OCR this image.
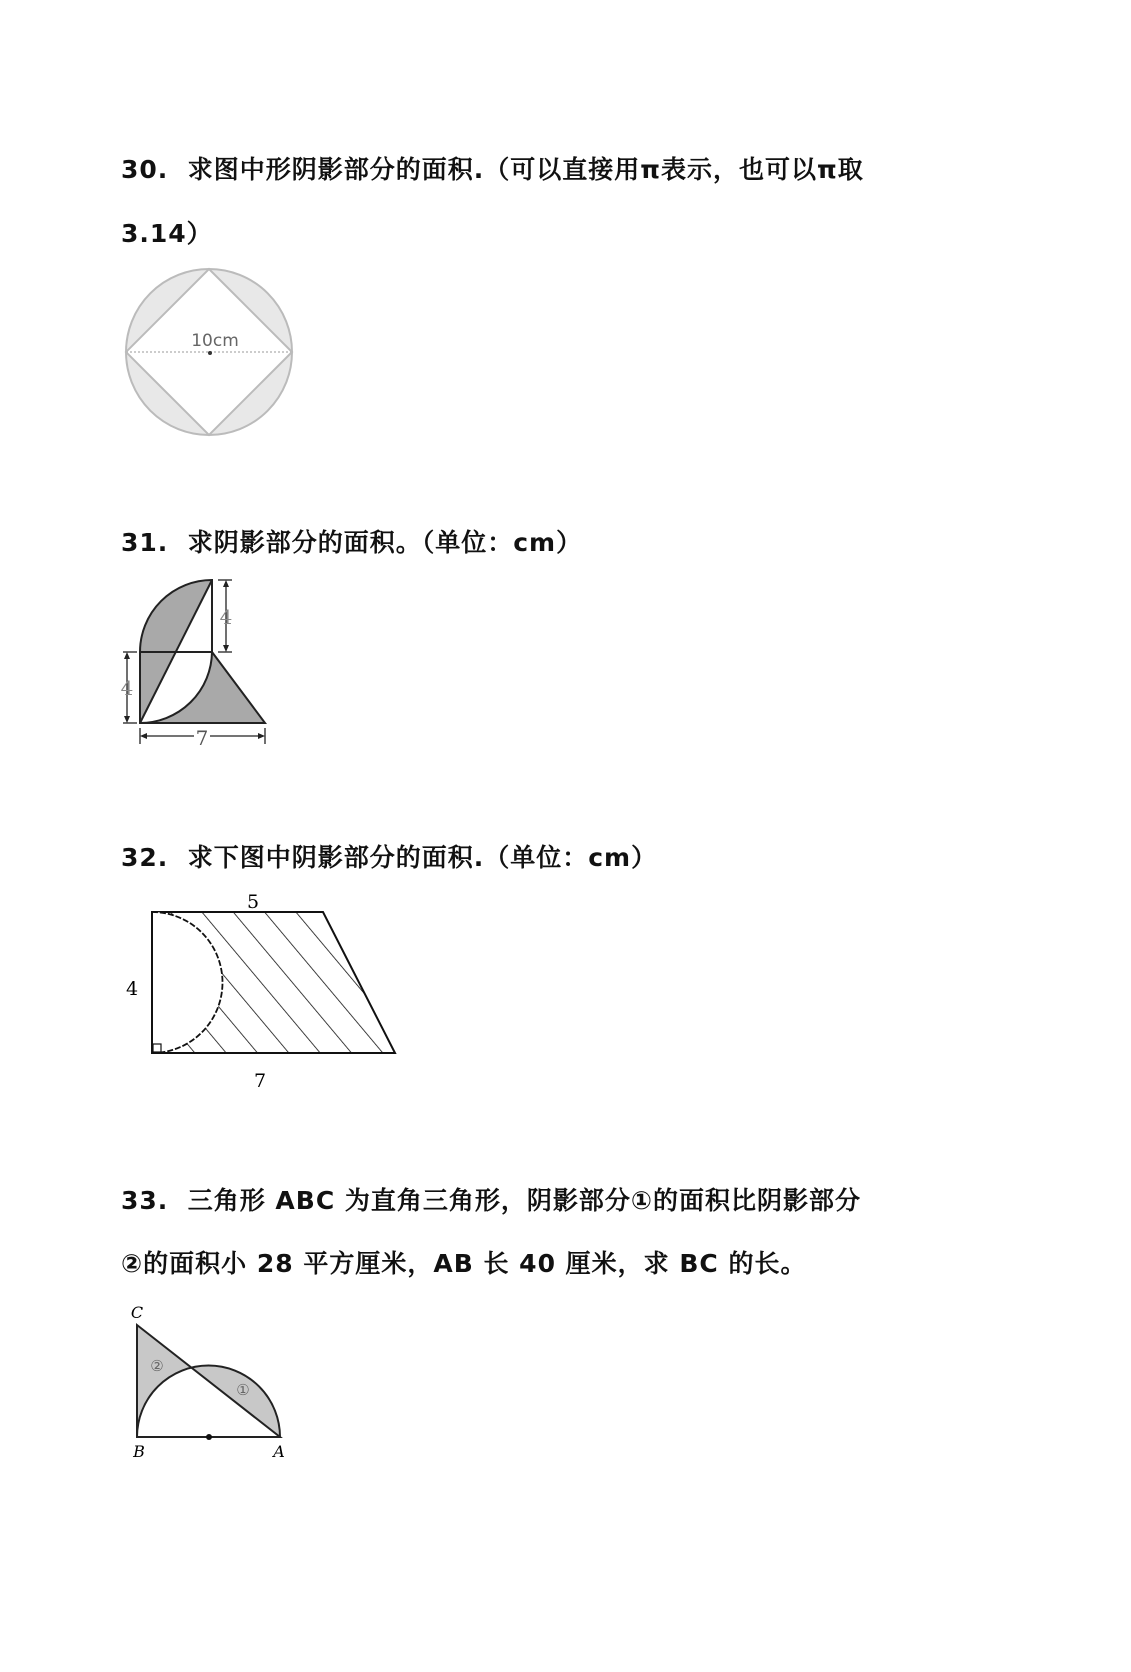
30. 求图中形阴影部分的面积.（可以直接用π表示，也可以π取
3.14）
31. 求阴影部分的面积。（单位：cm）
32. 求下图中阴影部分的面积.（单位：cm）
33. 三角形 ABC 为直角三角形，阴影部分①的面积比阴影部分
②的面积小 28 平方厘米，AB 长 40 厘米，求 BC 的长。
10cm
4
4
7
5
4
7
C
B	A
②
①
